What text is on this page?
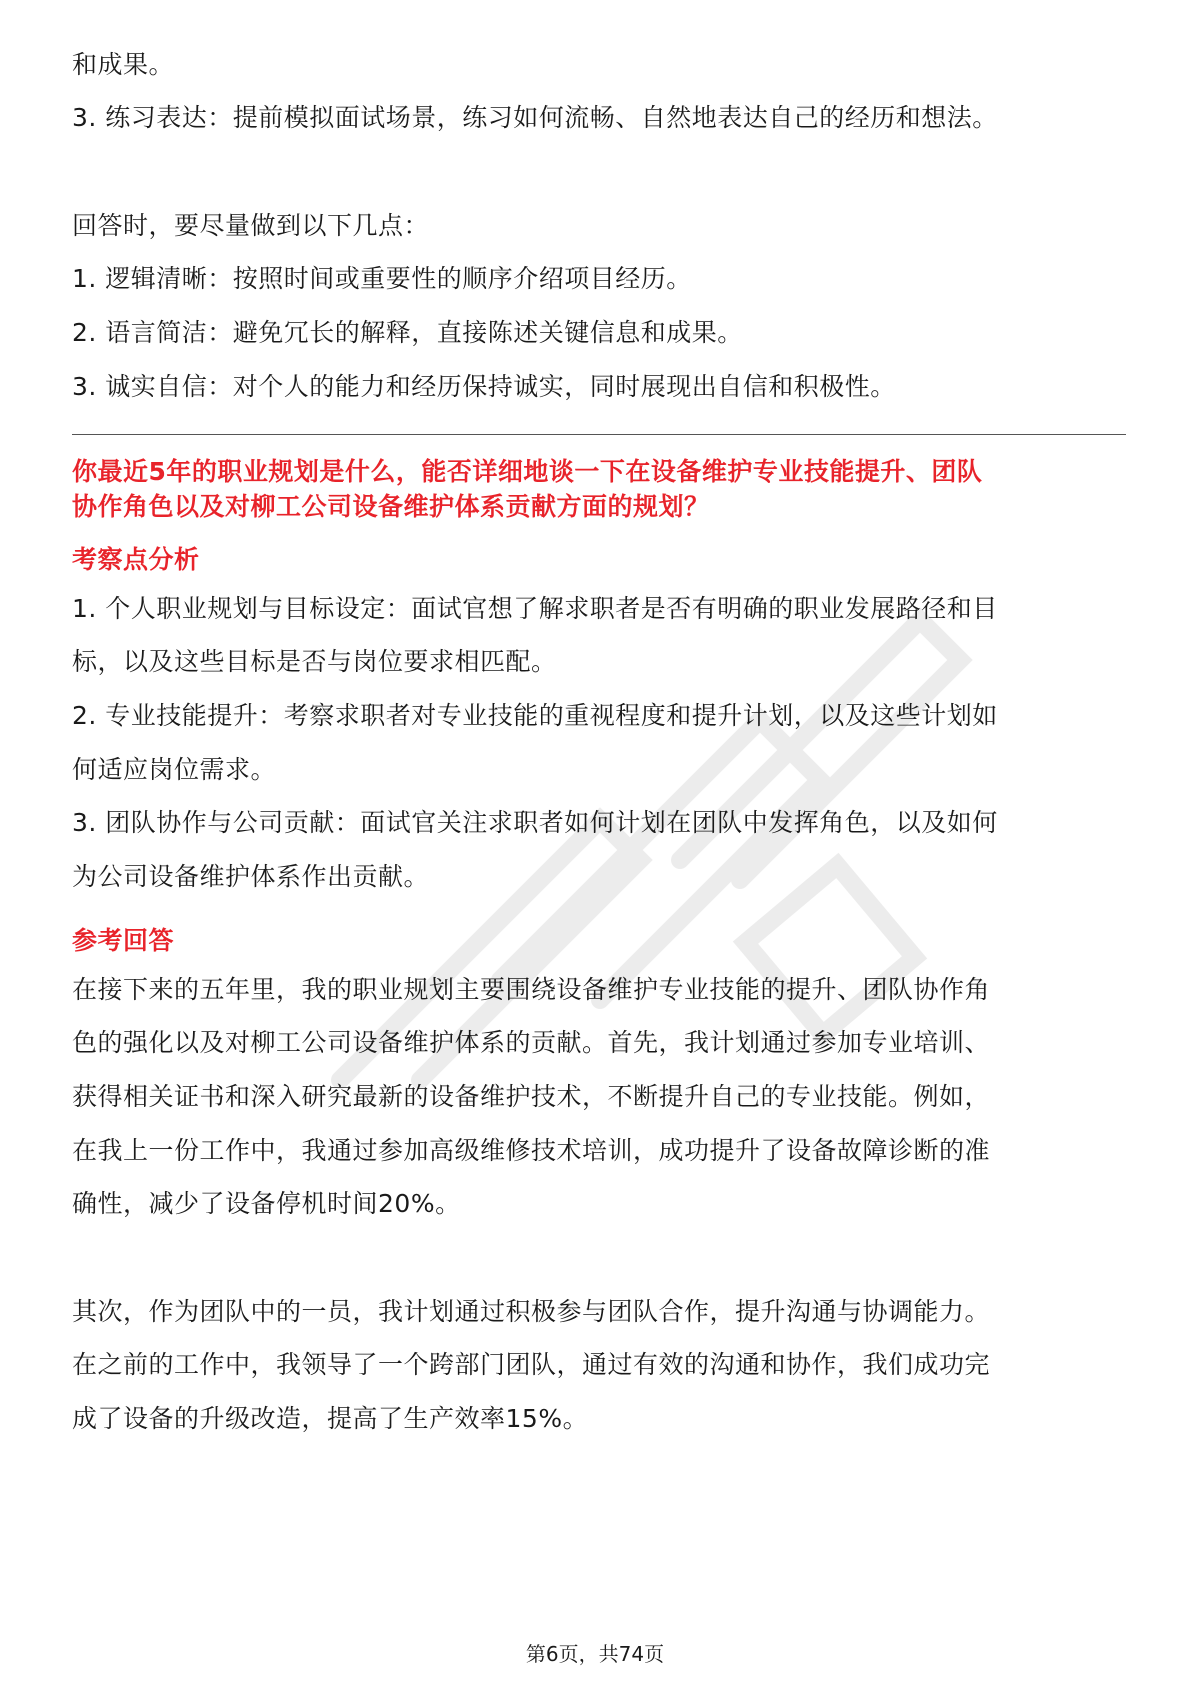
和成果。
3. 练习表达：提前模拟面试场景，练习如何流畅、自然地表达自己的经历和想法。
回答时，要尽量做到以下几点：
1. 逻辑清晰：按照时间或重要性的顺序介绍项目经历。
2. 语言简洁：避免冗长的解释，直接陈述关键信息和成果。
3. 诚实自信：对个人的能力和经历保持诚实，同时展现出自信和积极性。
你最近5年的职业规划是什么，能否详细地谈一下在设备维护专业技能提升、团队
协作角色以及对柳工公司设备维护体系贡献方面的规划？
考察点分析
1. 个人职业规划与目标设定：面试官想了解求职者是否有明确的职业发展路径和目
标，以及这些目标是否与岗位要求相匹配。
2. 专业技能提升：考察求职者对专业技能的重视程度和提升计划，以及这些计划如
何适应岗位需求。
3. 团队协作与公司贡献：面试官关注求职者如何计划在团队中发挥角色，以及如何
为公司设备维护体系作出贡献。
参考回答
在接下来的五年里，我的职业规划主要围绕设备维护专业技能的提升、团队协作角
色的强化以及对柳工公司设备维护体系的贡献。首先，我计划通过参加专业培训、
获得相关证书和深入研究最新的设备维护技术，不断提升自己的专业技能。例如，
在我上一份工作中，我通过参加高级维修技术培训，成功提升了设备故障诊断的准
确性，减少了设备停机时间20%。
其次，作为团队中的一员，我计划通过积极参与团队合作，提升沟通与协调能力。
在之前的工作中，我领导了一个跨部门团队，通过有效的沟通和协作，我们成功完
成了设备的升级改造，提高了生产效率15%。
第6页，共74页
